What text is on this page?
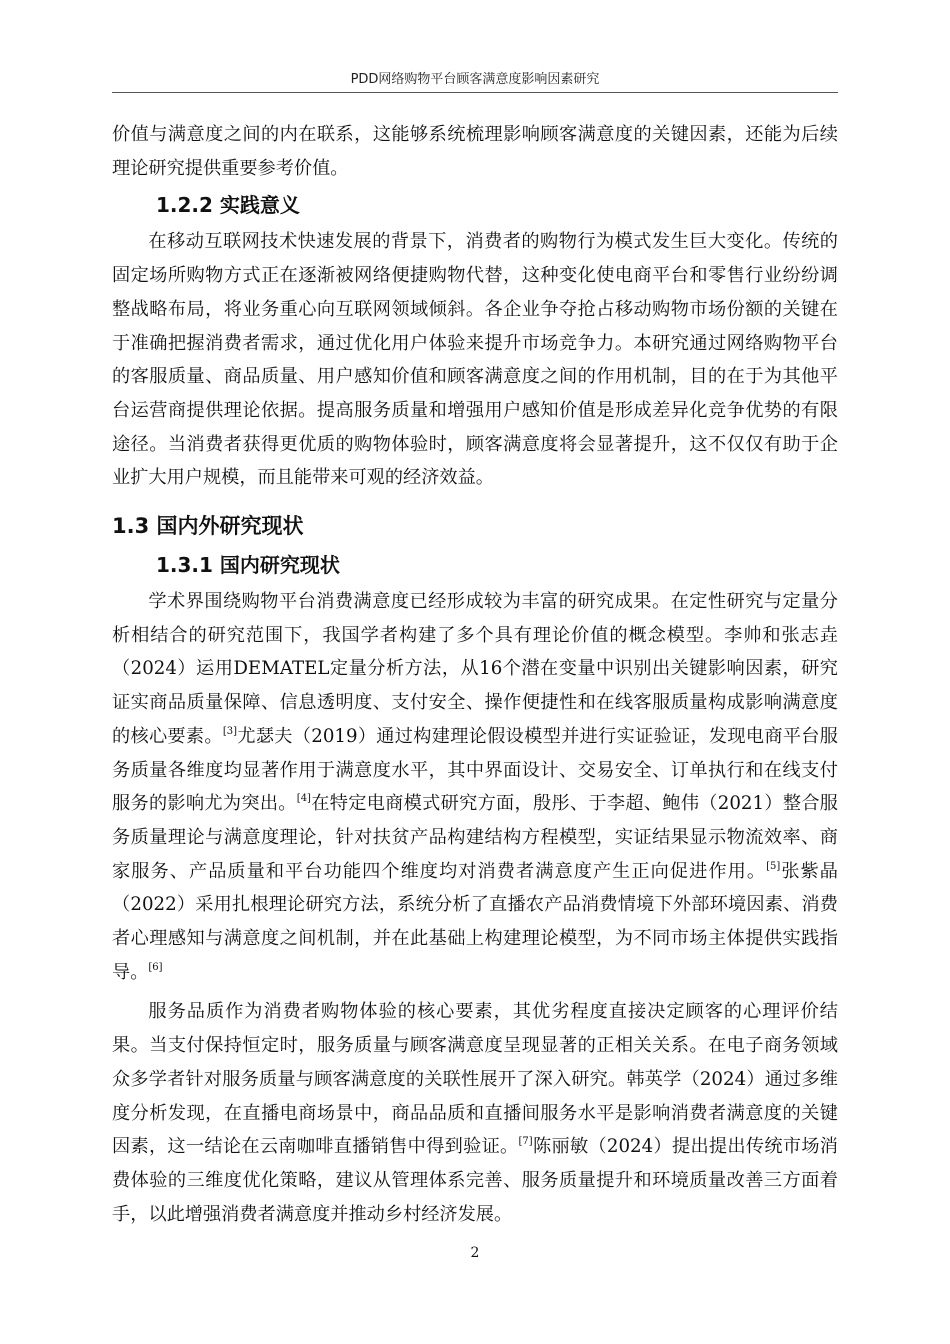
PDD网络购物平台顾客满意度影响因素研究

价值与满意度之间的内在联系，这能够系统梳理影响顾客满意度的关键因素，还能为后续理论研究提供重要参考价值。

1.2.2 实践意义

在移动互联网技术快速发展的背景下，消费者的购物行为模式发生巨大变化。传统的固定场所购物方式正在逐渐被网络便捷购物代替，这种变化使电商平台和零售行业纷纷调整战略布局，将业务重心向互联网领域倾斜。各企业争夺抢占移动购物市场份额的关键在于准确把握消费者需求，通过优化用户体验来提升市场竞争力。本研究通过网络购物平台的客服质量、商品质量、用户感知价值和顾客满意度之间的作用机制，目的在于为其他平台运营商提供理论依据。提高服务质量和增强用户感知价值是形成差异化竞争优势的有限途径。当消费者获得更优质的购物体验时，顾客满意度将会显著提升，这不仅仅有助于企业扩大用户规模，而且能带来可观的经济效益。

1.3 国内外研究现状
1.3.1 国内研究现状

学术界围绕购物平台消费满意度已经形成较为丰富的研究成果。在定性研究与定量分析相结合的研究范围下，我国学者构建了多个具有理论价值的概念模型。李帅和张志垚（2024）运用DEMATEL定量分析方法，从16个潜在变量中识别出关键影响因素，研究证实商品质量保障、信息透明度、支付安全、操作便捷性和在线客服质量构成影响满意度的核心要素。[3]尤瑟夫（2019）通过构建理论假设模型并进行实证验证，发现电商平台服务质量各维度均显著作用于满意度水平，其中界面设计、交易安全、订单执行和在线支付服务的影响尤为突出。[4]在特定电商模式研究方面，殷彤、于李超、鲍伟（2021）整合服务质量理论与满意度理论，针对扶贫产品构建结构方程模型，实证结果显示物流效率、商家服务、产品质量和平台功能四个维度均对消费者满意度产生正向促进作用。[5]张紫晶（2022）采用扎根理论研究方法，系统分析了直播农产品消费情境下外部环境因素、消费者心理感知与满意度之间机制，并在此基础上构建理论模型，为不同市场主体提供实践指导。[6]

服务品质作为消费者购物体验的核心要素，其优劣程度直接决定顾客的心理评价结果。当支付保持恒定时，服务质量与顾客满意度呈现显著的正相关关系。在电子商务领域众多学者针对服务质量与顾客满意度的关联性展开了深入研究。韩英学（2024）通过多维度分析发现，在直播电商场景中，商品品质和直播间服务水平是影响消费者满意度的关键因素，这一结论在云南咖啡直播销售中得到验证。[7]陈丽敏（2024）提出提出传统市场消费体验的三维度优化策略，建议从管理体系完善、服务质量提升和环境质量改善三方面着手，以此增强消费者满意度并推动乡村经济发展。

2
